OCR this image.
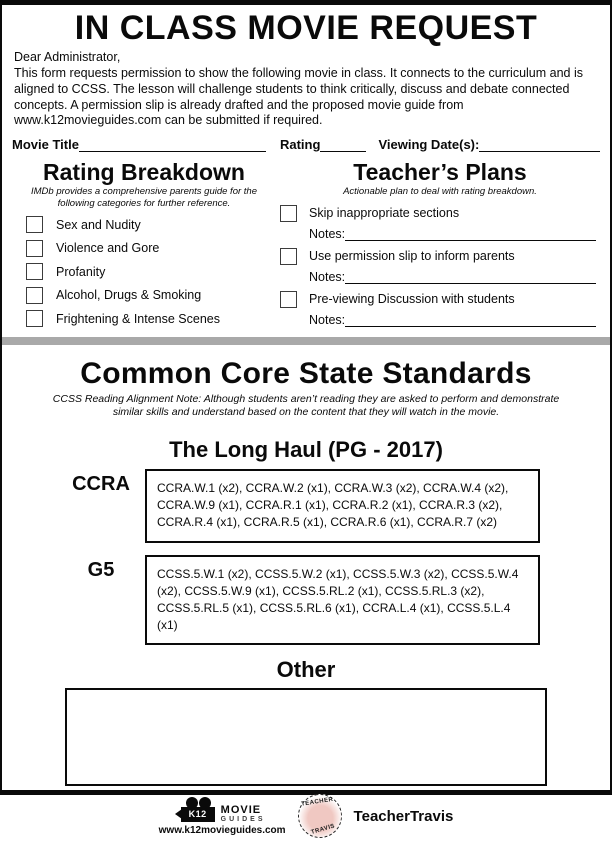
IN CLASS MOVIE REQUEST

Dear Administrator,
This form requests permission to show the following movie in class. It connects to the curriculum and is aligned to CCSS. The lesson will challenge students to think critically, discuss and debate connected concepts. A permission slip is already drafted and the proposed movie guide from www.k12movieguides.com can be submitted if required.

Movie Title	Rating	Viewing Date(s):
Rating Breakdown

IMDb provides a comprehensive parents guide for the following categories for further reference.

Sex and Nudity
Violence and Gore
Profanity
Alcohol, Drugs & Smoking
Frightening & Intense Scenes
Teacher’s Plans

Actionable plan to deal with rating breakdown.

Skip inappropriate sections
Notes:
Use permission slip to inform parents
Notes:
Pre-viewing Discussion with students
Notes:
Common Core State Standards

CCSS Reading Alignment Note: Although students aren’t reading they are asked to perform and demonstrate similar skills and understand based on the content that they will watch in the movie.

The Long Haul (PG - 2017)
CCRA	CCRA.W.1 (x2), CCRA.W.2 (x1), CCRA.W.3 (x2), CCRA.W.4 (x2), CCRA.W.9 (x1), CCRA.R.1 (x1), CCRA.R.2 (x1), CCRA.R.3 (x2), CCRA.R.4 (x1), CCRA.R.5 (x1), CCRA.R.6 (x1), CCRA.R.7 (x2)
G5	CCSS.5.W.1 (x2), CCSS.5.W.2 (x1), CCSS.5.W.3 (x2), CCSS.5.W.4 (x2), CCSS.5.W.9 (x1), CCSS.5.RL.2 (x1), CCSS.5.RL.3 (x2), CCSS.5.RL.5 (x1), CCSS.5.RL.6 (x1), CCRA.L.4 (x1), CCSS.5.L.4 (x1)
Other
K12	MOVIE
GUIDES
www.k12movieguides.com
TEACHER
TRAVIS
TeacherTravis
